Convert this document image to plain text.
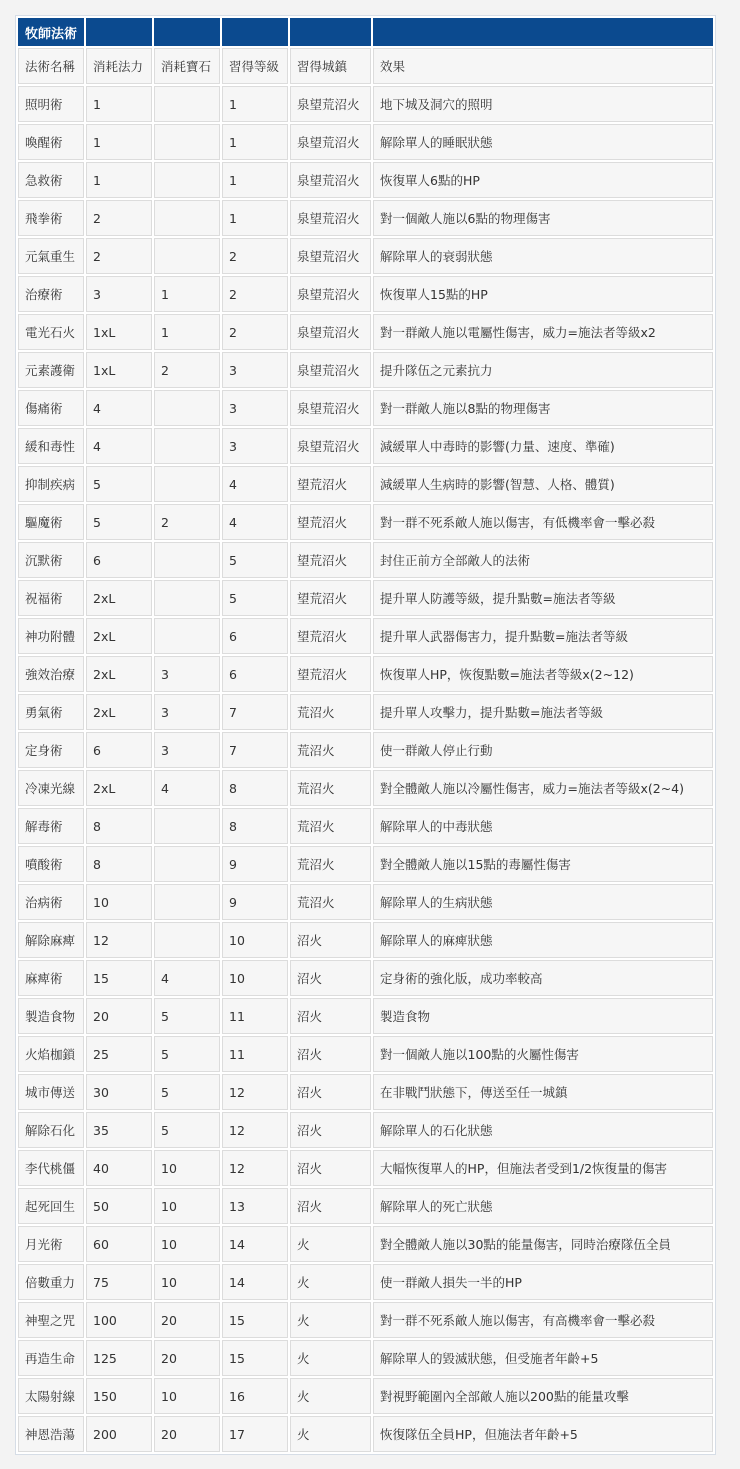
牧師法術					
法術名稱	消耗法力	消耗寶石	習得等級	習得城鎮	效果
照明術	1		1	泉望荒沼火	地下城及洞穴的照明
喚醒術	1		1	泉望荒沼火	解除單人的睡眠狀態
急救術	1		1	泉望荒沼火	恢復單人6點的HP
飛拳術	2		1	泉望荒沼火	對一個敵人施以6點的物理傷害
元氣重生	2		2	泉望荒沼火	解除單人的衰弱狀態
治療術	3	1	2	泉望荒沼火	恢復單人15點的HP
電光石火	1xL	1	2	泉望荒沼火	對一群敵人施以電屬性傷害，威力=施法者等級x2
元素護衛	1xL	2	3	泉望荒沼火	提升隊伍之元素抗力
傷痛術	4		3	泉望荒沼火	對一群敵人施以8點的物理傷害
緩和毒性	4		3	泉望荒沼火	減緩單人中毒時的影響(力量、速度、準確)
抑制疾病	5		4	望荒沼火	減緩單人生病時的影響(智慧、人格、體質)
驅魔術	5	2	4	望荒沼火	對一群不死系敵人施以傷害，有低機率會一擊必殺
沉默術	6		5	望荒沼火	封住正前方全部敵人的法術
祝福術	2xL		5	望荒沼火	提升單人防護等級，提升點數=施法者等級
神功附體	2xL		6	望荒沼火	提升單人武器傷害力，提升點數=施法者等級
強效治療	2xL	3	6	望荒沼火	恢復單人HP，恢復點數=施法者等級x(2~12)
勇氣術	2xL	3	7	荒沼火	提升單人攻擊力，提升點數=施法者等級
定身術	6	3	7	荒沼火	使一群敵人停止行動
冷凍光線	2xL	4	8	荒沼火	對全體敵人施以冷屬性傷害，威力=施法者等級x(2~4)
解毒術	8		8	荒沼火	解除單人的中毒狀態
噴酸術	8		9	荒沼火	對全體敵人施以15點的毒屬性傷害
治病術	10		9	荒沼火	解除單人的生病狀態
解除麻痺	12		10	沼火	解除單人的麻痺狀態
麻痺術	15	4	10	沼火	定身術的強化版，成功率較高
製造食物	20	5	11	沼火	製造食物
火焰枷鎖	25	5	11	沼火	對一個敵人施以100點的火屬性傷害
城市傳送	30	5	12	沼火	在非戰鬥狀態下，傳送至任一城鎮
解除石化	35	5	12	沼火	解除單人的石化狀態
李代桃僵	40	10	12	沼火	大幅恢復單人的HP，但施法者受到1/2恢復量的傷害
起死回生	50	10	13	沼火	解除單人的死亡狀態
月光術	60	10	14	火	對全體敵人施以30點的能量傷害，同時治療隊伍全員
倍數重力	75	10	14	火	使一群敵人損失一半的HP
神聖之咒	100	20	15	火	對一群不死系敵人施以傷害，有高機率會一擊必殺
再造生命	125	20	15	火	解除單人的毀滅狀態，但受施者年齡+5
太陽射線	150	10	16	火	對視野範圍內全部敵人施以200點的能量攻擊
神恩浩蕩	200	20	17	火	恢復隊伍全員HP，但施法者年齡+5
